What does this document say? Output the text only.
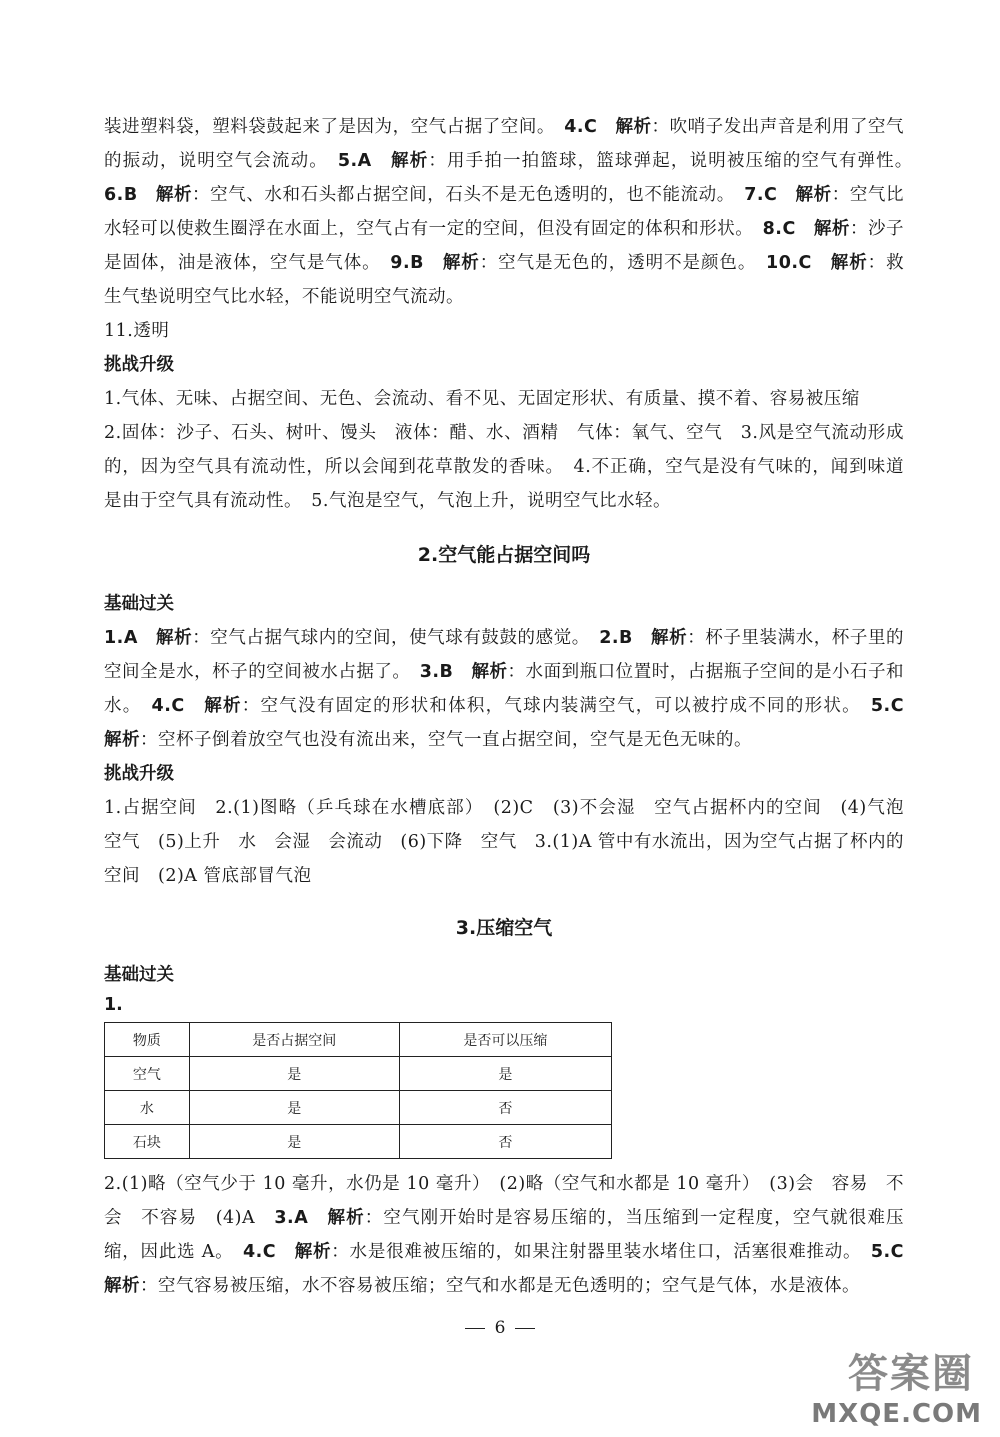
装进塑料袋，塑料袋鼓起来了是因为，空气占据了空间。　 4.C　 解析：吹哨子发出声音是利用了空气的振动，说明空气会流动。　 5.A　 解析：用手拍一拍篮球，篮球弹起，说明被压缩的空气有弹性。　6.B　 解析：空气、水和石头都占据空间，石头不是无色透明的，也不能流动。　 7.C　 解析：空气比水轻可以使救生圈浮在水面上，空气占有一定的空间，但没有固定的体积和形状。　 8.C　 解析：沙子是固体，油是液体，空气是气体。　 9.B　 解析：空气是无色的，透明不是颜色。　 10.C　 解析：救生气垫说明空气比水轻，不能说明空气流动。

11.透明

挑战升级

1.气体、无味、占据空间、无色、会流动、看不见、无固定形状、有质量、摸不着、容易被压缩

2.固体：沙子、石头、树叶、馒头　液体：醋、水、酒精　气体：氧气、空气　3.风是空气流动形成的，因为空气具有流动性，所以会闻到花草散发的香味。　4.不正确，空气是没有气味的，闻到味道是由于空气具有流动性。　5.气泡是空气，气泡上升，说明空气比水轻。

2.空气能占据空间吗

基础过关

1.A　 解析：空气占据气球内的空间，使气球有鼓鼓的感觉。　 2.B　 解析：杯子里装满水，杯子里的空间全是水，杯子的空间被水占据了。　 3.B　 解析：水面到瓶口位置时，占据瓶子空间的是小石子和水。　 4.C　 解析：空气没有固定的形状和体积，气球内装满空气，可以被拧成不同的形状。　 5.C　解析：空杯子倒着放空气也没有流出来，空气一直占据空间，空气是无色无味的。

挑战升级

1.占据空间　2.(1)图略（乒乓球在水槽底部）　(2)C　(3)不会湿　空气占据杯内的空间　(4)气泡　空气　(5)上升　水　会湿　会流动　(6)下降　空气　3.(1)A 管中有水流出，因为空气占据了杯内的空间　(2)A 管底部冒气泡

3.压缩空气

基础过关

1.

物质	是否占据空间	是否可以压缩
空气	是	是
水	是	否
石块	是	否

2.(1)略（空气少于 10 毫升，水仍是 10 毫升）　(2)略（空气和水都是 10 毫升）　(3)会　容易　不会　不容易　(4)A　3.A　 解析：空气刚开始时是容易压缩的，当压缩到一定程度，空气就很难压缩，因此选 A。　 4.C　 解析：水是很难被压缩的，如果注射器里装水堵住口，活塞很难推动。　 5.C　解析：空气容易被压缩，水不容易被压缩；空气和水都是无色透明的；空气是气体，水是液体。

6
答案圈
MXQE.COM
